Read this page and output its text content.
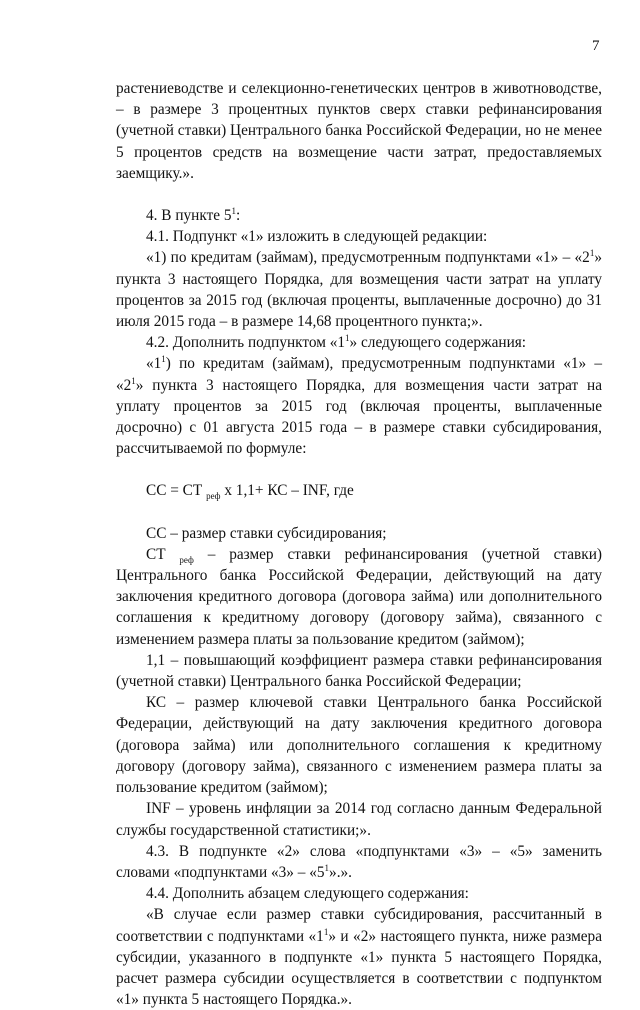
7

растениеводстве и селекционно-генетических центров в животноводстве, – в размере 3 процентных пунктов сверх ставки рефинансирования (учетной ставки) Центрального банка Российской Федерации, но не менее 5 процентов средств на возмещение части затрат, предоставляемых заемщику.».

4. В пункте $5^1$:

4.1. Подпункт «1» изложить в следующей редакции:

«1) по кредитам (займам), предусмотренным подпунктами «1» – «$2^1$» пункта 3 настоящего Порядка, для возмещения части затрат на уплату процентов за 2015 год (включая проценты, выплаченные досрочно) до 31 июля 2015 года – в размере 14,68 процентного пункта;».

4.2. Дополнить подпунктом «$1^1$» следующего содержания:

«$1^1$) по кредитам (займам), предусмотренным подпунктами «1» – «$2^1$» пункта 3 настоящего Порядка, для возмещения части затрат на уплату процентов за 2015 год (включая проценты, выплаченные досрочно) с 01 августа 2015 года – в размере ставки субсидирования, рассчитываемой по формуле:

СС = СТ $_{реф}$ х 1,1+ КС – INF, где

СС – размер ставки субсидирования;

СТ $_{реф}$ – размер ставки рефинансирования (учетной ставки) Центрального банка Российской Федерации, действующий на дату заключения кредитного договора (договора займа) или дополнительного соглашения к кредитному договору (договору займа), связанного с изменением размера платы за пользование кредитом (займом);

1,1 – повышающий коэффициент размера ставки рефинансирования (учетной ставки) Центрального банка Российской Федерации;

КС – размер ключевой ставки Центрального банка Российской Федерации, действующий на дату заключения кредитного договора (договора займа) или дополнительного соглашения к кредитному договору (договору займа), связанного с изменением размера платы за пользование кредитом (займом);

INF – уровень инфляции за 2014 год согласно данным Федеральной службы государственной статистики;».

4.3. В подпункте «2» слова «подпунктами «3» – «5» заменить словами «подпунктами «3» – «$5^1$».».

4.4. Дополнить абзацем следующего содержания:

«В случае если размер ставки субсидирования, рассчитанный в соответствии с подпунктами «$1^1$» и «2» настоящего пункта, ниже размера субсидии, указанного в подпункте «1» пункта 5 настоящего Порядка, расчет размера субсидии осуществляется в соответствии с подпунктом «1» пункта 5 настоящего Порядка.».
